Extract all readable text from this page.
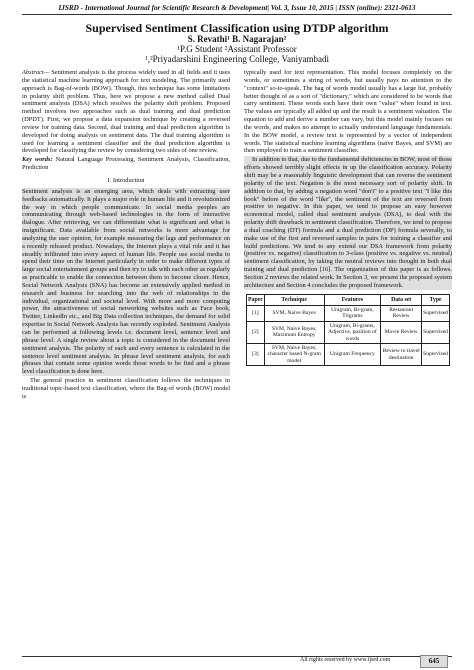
IJSRD - International Journal for Scientific Research & Development| Vol. 3, Issue 10, 2015 | ISSN (online): 2321-0613
Supervised Sentiment Classification using DTDP algorithm
S. Revathi¹ B. Nagarajan²
¹P.G Student ²Assistant Professor
¹,²Priyadarshini Engineering College, Vaniyambadi

Abstract— Sentiment analysis is the process widely used in all fields and it uses the statistical machine learning approach for text modeling. The primarily used approach is Bag-of-words (BOW). Though, this technique has some limitations in polarity shift problem. Thus, here we propose a new method called Dual sentiment analysis (DSA) which resolves the polarity shift problem. Proposed method involves two approaches such as dual training and dual prediction (DPDT). First, we propose a data expansion technique by creating a reversed review for training data. Second, dual training and dual prediction algorithm is developed for doing analysis on sentiment data. The dual training algorithm is used for learning a sentiment classifier and the dual prediction algorithm is developed for classifying the review by considering two sides of one review.

Key words: Natural Language Processing, Sentiment Analysis, Classification, Prediction

I. Introduction

Sentiment analysis is an emerging area, which deals with extracting user feedbacks automatically. It plays a major role in human life and it revolutionized the way in which people communicate. In social media peoples are communicating through web-based technologies in the form of interactive dialogue. After retrieving, we can differentiate what is significant and what is insignificant. Data available from social networks is more advantage for analyzing the user opinion, for example measuring the lags and performance on a recently released product. Nowadays, the Internet plays a vital role and it has steadily infiltrated into every aspect of human life. People use social media to spend their time on the Internet particularly in order to make different types of large social entertainment groups and then try to talk with each other as regularly as practicable to enable the connection between them to become closer. Hence, Social Network Analysis (SNA) has become an extensively applied method in research and business for searching into the web of relationships in the individual, organizational and societal level. With more and more computing power, the attractiveness of social networking websites such as Face book, Twitter, LinkedIn etc., and Big Data collection techniques, the demand for solid expertise in Social Network Analysis has recently exploded. Sentiment Analysis can be performed at following levels i.e. document level, sentence level and phrase level. A single review about a topic is considered in the document level sentiment analysis. The polarity of each and every sentence is calculated in the sentence level sentiment analysis. In phrase level sentiment analysis, for each phrases that contain some opinion words those words to be find and a phrase level classification is done here.

The general practice in sentiment classification follows the techniques in traditional topic-based text classification, where the Bag-of words (BOW) model is

typically used for text representation. This model focuses completely on the words, or sometimes a string of words, but usually pays no attention to the "context" so-to-speak. The bag of words model usually has a large list, probably better thought of as a sort of "dictionary," which are considered to be words that carry sentiment. These words each have their own "value" when found in text. The values are typically all added up and the result is a sentiment valuation. The equation to add and derive a number can vary, but this model mainly focuses on the words, and makes no attempt to actually understand language fundamentals. In the BOW model, a review text is represented by a vector of independent words. The statistical machine learning algorithms (naïve Bayes, and SVM) are then employed to train a sentiment classifier.

In addition to that, due to the fundamental deficiencies in BOW, most of those efforts showed terribly slight effects in up the classification accuracy. Polarity shift may be a reasonably linguistic development that can reverse the sentiment polarity of the text. Negation is the most necessary sort of polarity shift. In addition to that, by adding a negation word "don't" to a positive text "I like this book" before of the word "like", the sentiment of the text are reversed from positive to negative. In this paper, we tend to propose an easy however economical model, called dual sentiment analysis (DSA), to deal with the polarity shift drawback in sentiment classification. Therefore, we tend to propose a dual coaching (DT) formula and a dual prediction (DP) formula severally, to make use of the first and reversed samples in pairs for training a classifier and build predictions. We tend to any extend our DSA framework from polarity (positive vs. negative) classification to 3-class (positive vs. negative vs. neutral) sentiment classification, by taking the neutral reviews into thought in both dual training and dual prediction [16]. The organization of this paper is as follows. Section 2 reviews the related work. In Section 3, we present the proposed system architecture and Section 4 concludes the proposed framework.

Paper	Technique	Features	Data set	Type
[1]	SVM, Naive Bayes	Unigram, Bi-gram, Trigrams	Restaurant Review	Supervised
[2]	SVM, Naive Bayes, Maximum Entropy	Unigram, Bi-grams, Adjective, position of words	Movie Review	Supervised
[3]	SVM, Naive Bayes, character based N-gram model	Unigram Frequency	Review to travel destination	Supervised
All rights reserved by www.ijsrd.com	645
